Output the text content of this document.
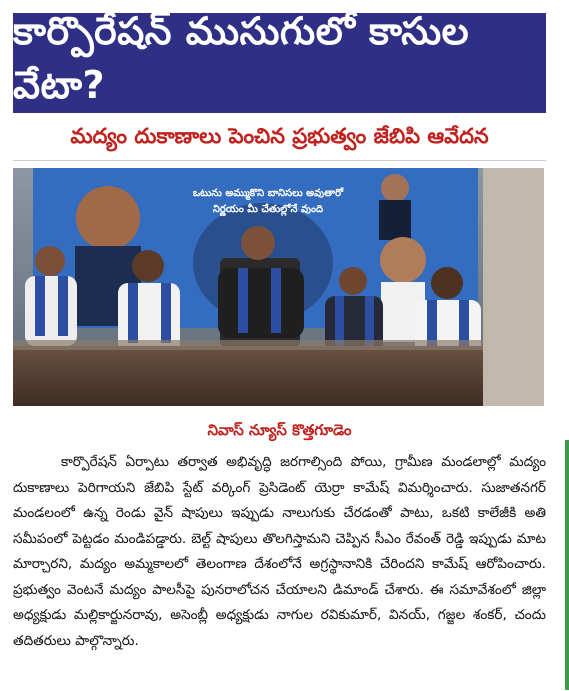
కార్పొరేషన్ ముసుగులో కాసుల వేటా?
మద్యం దుకాణాలు పెంచిన ప్రభుత్వం జేబిపి ఆవేదన
ఒటును అమ్ముకొని బానిసలు అవుతారో
నిర్ణయం మీ చేతుల్లోనే వుంది
నివాస్ న్యూస్ కొత్తగూడెం
కార్పొరేషన్ ఏర్పాటు తర్వాత అభివృద్ధి జరగాల్సింది పోయి, గ్రామీణ మండలాల్లో మద్యం దుకాణాలు పెరిగాయని జేబిపి స్టేట్ వర్కింగ్ ప్రెసిడెంట్ యెర్రా కామేష్ విమర్శించారు. సుజాతనగర్ మండలంలో ఉన్న రెండు వైన్ షాపులు ఇప్పుడు నాలుగుకు చేరడంతో పాటు, ఒకటి కాలేజీకి అతి సమీపంలో పెట్టడం మండిపడ్డారు. బెల్ట్ షాపులు తొలగిస్తామని చెప్పిన సీఎం రేవంత్ రెడ్డి ఇప్పుడు మాట మార్చారని, మద్యం అమ్మకాలలో తెలంగాణ దేశంలోనే అగ్రస్థానానికి చేరిందని కామేష్ ఆరోపించారు. ప్రభుత్వం వెంటనే మద్యం పాలసీపై పునరాలోచన చేయాలని డిమాండ్ చేశారు. ఈ సమావేశంలో జిల్లా అధ్యక్షుడు మల్లికార్జునరావు, అసెంబ్లీ అధ్యక్షుడు నాగుల రవికుమార్, వినయ్, గజ్జల శంకర్, చందు తదితరులు పాల్గొన్నారు.
